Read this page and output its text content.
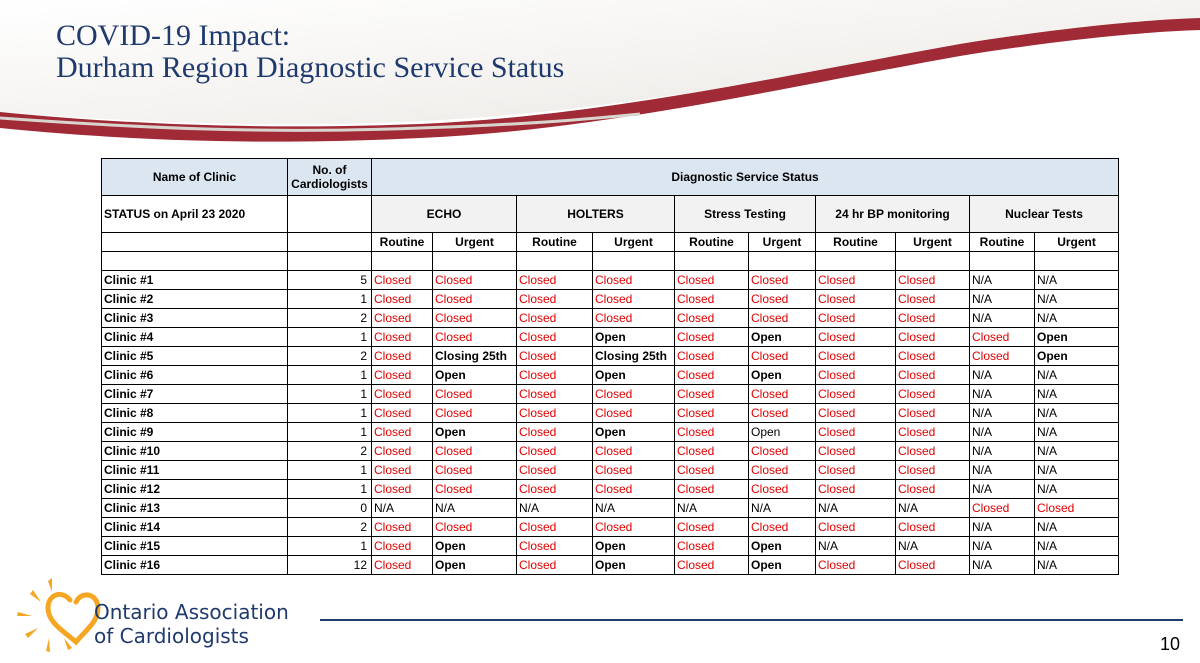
COVID-19 Impact:
Durham Region Diagnostic Service Status
Name of Clinic	No. of Cardiologists	Diagnostic Service Status									
STATUS on April 23 2020		ECHO		HOLTERS		Stress Testing		24 hr BP monitoring		Nuclear Tests	
		Routine	Urgent	Routine	Urgent	Routine	Urgent	Routine	Urgent	Routine	Urgent

Clinic #1	5	Closed	Closed	Closed	Closed	Closed	Closed	Closed	Closed	N/A	N/A
Clinic #2	1	Closed	Closed	Closed	Closed	Closed	Closed	Closed	Closed	N/A	N/A
Clinic #3	2	Closed	Closed	Closed	Closed	Closed	Closed	Closed	Closed	N/A	N/A
Clinic #4	1	Closed	Closed	Closed	Open	Closed	Open	Closed	Closed	Closed	Open
Clinic #5	2	Closed	Closing 25th	Closed	Closing 25th	Closed	Closed	Closed	Closed	Closed	Open
Clinic #6	1	Closed	Open	Closed	Open	Closed	Open	Closed	Closed	N/A	N/A
Clinic #7	1	Closed	Closed	Closed	Closed	Closed	Closed	Closed	Closed	N/A	N/A
Clinic #8	1	Closed	Closed	Closed	Closed	Closed	Closed	Closed	Closed	N/A	N/A
Clinic #9	1	Closed	Open	Closed	Open	Closed	Open	Closed	Closed	N/A	N/A
Clinic #10	2	Closed	Closed	Closed	Closed	Closed	Closed	Closed	Closed	N/A	N/A
Clinic #11	1	Closed	Closed	Closed	Closed	Closed	Closed	Closed	Closed	N/A	N/A
Clinic #12	1	Closed	Closed	Closed	Closed	Closed	Closed	Closed	Closed	N/A	N/A
Clinic #13	0	N/A	N/A	N/A	N/A	N/A	N/A	N/A	N/A	Closed	Closed
Clinic #14	2	Closed	Closed	Closed	Closed	Closed	Closed	Closed	Closed	N/A	N/A
Clinic #15	1	Closed	Open	Closed	Open	Closed	Open	N/A	N/A	N/A	N/A
Clinic #16	12	Closed	Open	Closed	Open	Closed	Open	Closed	Closed	N/A	N/A
Ontario Association
of Cardiologists	10
